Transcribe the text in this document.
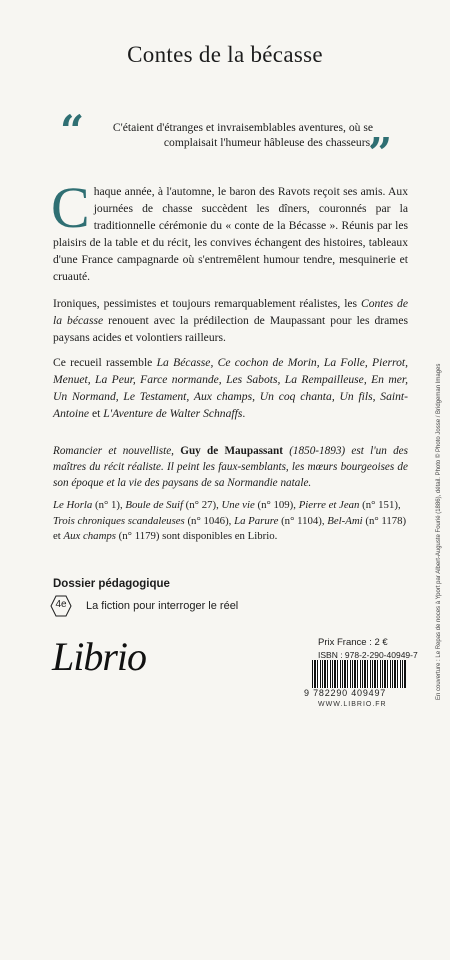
Contes de la bécasse
“	C'étaient d'étranges et invraisemblables aventures, où se complaisait l'humeur hâbleuse des chasseurs.
”
Chaque année, à l'automne, le baron des Ravots reçoit ses amis. Aux journées de chasse succèdent les dîners, couronnés par la traditionnelle cérémonie du « conte de la Bécasse ». Réunis par les plaisirs de la table et du récit, les convives échangent des histoires, tableaux d'une France campagnarde où s'entremêlent humour tendre, mesquinerie et cruauté.
Ironiques, pessimistes et toujours remarquablement réalistes, les Contes de la bécasse renouent avec la prédilection de Maupassant pour les drames paysans acides et volontiers railleurs.
Ce recueil rassemble La Bécasse, Ce cochon de Morin, La Folle, Pierrot, Menuet, La Peur, Farce normande, Les Sabots, La Rempailleuse, En mer, Un Normand, Le Testament, Aux champs, Un coq chanta, Un fils, Saint-Antoine et L'Aventure de Walter Schnaffs.
Romancier et nouvelliste, Guy de Maupassant (1850-1893) est l'un des maîtres du récit réaliste. Il peint les faux-semblants, les mœurs bourgeoises de son époque et la vie des paysans de sa Normandie natale.
Le Horla (n° 1), Boule de Suif (n° 27), Une vie (n° 109), Pierre et Jean (n° 151), Trois chroniques scandaleuses (n° 1046), La Parure (n° 1104), Bel-Ami (n° 1178) et Aux champs (n° 1179) sont disponibles en Librio.
Dossier pédagogique
4e	La fiction pour interroger le réel
Librio	Prix France : 2 €
ISBN : 978-2-290-40949-7
9 782290 409497
WWW.LIBRIO.FR
En couverture : Le Repas de noces à Yport par Albert-Auguste Fourié (1886), détail. Photo © Photo Josse / Bridgeman Images
